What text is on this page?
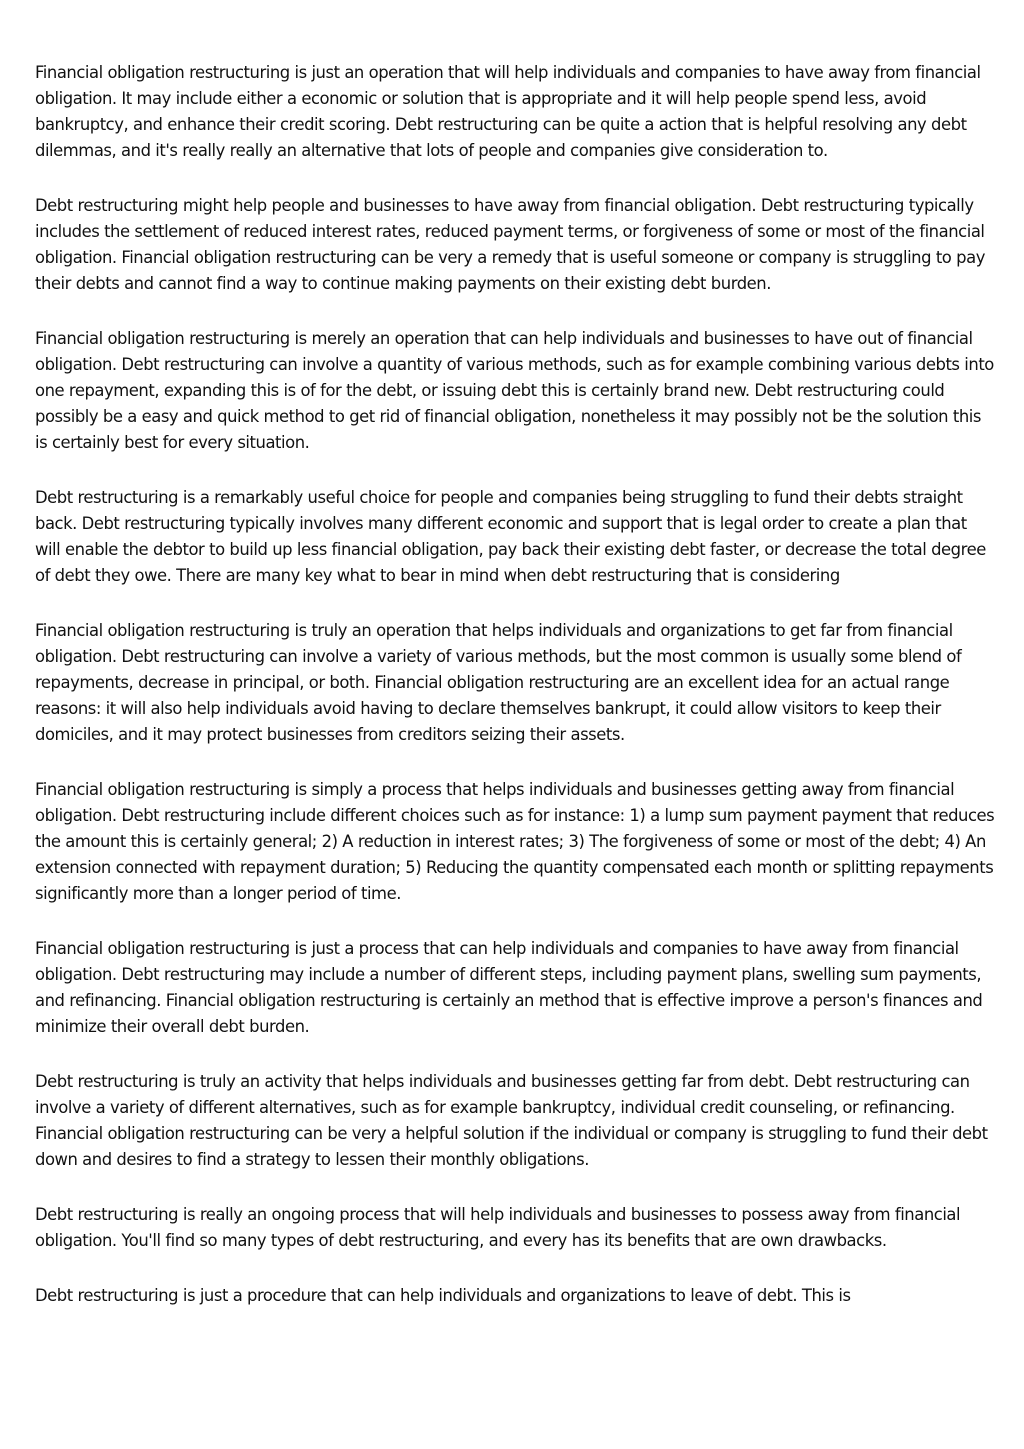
Financial obligation restructuring is just an operation that will help individuals and companies to have away from financial obligation. It may include either a economic or solution that is appropriate and it will help people spend less, avoid bankruptcy, and enhance their credit scoring. Debt restructuring can be quite a action that is helpful resolving any debt dilemmas, and it's really really an alternative that lots of people and companies give consideration to.

Debt restructuring might help people and businesses to have away from financial obligation. Debt restructuring typically includes the settlement of reduced interest rates, reduced payment terms, or forgiveness of some or most of the financial obligation. Financial obligation restructuring can be very a remedy that is useful someone or company is struggling to pay their debts and cannot find a way to continue making payments on their existing debt burden.

Financial obligation restructuring is merely an operation that can help individuals and businesses to have out of financial obligation. Debt restructuring can involve a quantity of various methods, such as for example combining various debts into one repayment, expanding this is of for the debt, or issuing debt this is certainly brand new. Debt restructuring could possibly be a easy and quick method to get rid of financial obligation, nonetheless it may possibly not be the solution this is certainly best for every situation.

Debt restructuring is a remarkably useful choice for people and companies being struggling to fund their debts straight back. Debt restructuring typically involves many different economic and support that is legal order to create a plan that will enable the debtor to build up less financial obligation, pay back their existing debt faster, or decrease the total degree of debt they owe. There are many key what to bear in mind when debt restructuring that is considering

Financial obligation restructuring is truly an operation that helps individuals and organizations to get far from financial obligation. Debt restructuring can involve a variety of various methods, but the most common is usually some blend of repayments, decrease in principal, or both. Financial obligation restructuring are an excellent idea for an actual range reasons: it will also help individuals avoid having to declare themselves bankrupt, it could allow visitors to keep their domiciles, and it may protect businesses from creditors seizing their assets.

Financial obligation restructuring is simply a process that helps individuals and businesses getting away from financial obligation. Debt restructuring include different choices such as for instance: 1) a lump sum payment payment that reduces the amount this is certainly general; 2) A reduction in interest rates; 3) The forgiveness of some or most of the debt; 4) An extension connected with repayment duration; 5) Reducing the quantity compensated each month or splitting repayments significantly more than a longer period of time.

Financial obligation restructuring is just a process that can help individuals and companies to have away from financial obligation. Debt restructuring may include a number of different steps, including payment plans, swelling sum payments, and refinancing. Financial obligation restructuring is certainly an method that is effective improve a person's finances and minimize their overall debt burden.

Debt restructuring is truly an activity that helps individuals and businesses getting far from debt. Debt restructuring can involve a variety of different alternatives, such as for example bankruptcy, individual credit counseling, or refinancing. Financial obligation restructuring can be very a helpful solution if the individual or company is struggling to fund their debt down and desires to find a strategy to lessen their monthly obligations.

Debt restructuring is really an ongoing process that will help individuals and businesses to possess away from financial obligation. You'll find so many types of debt restructuring, and every has its benefits that are own drawbacks.

Debt restructuring is just a procedure that can help individuals and organizations to leave of debt. This is
